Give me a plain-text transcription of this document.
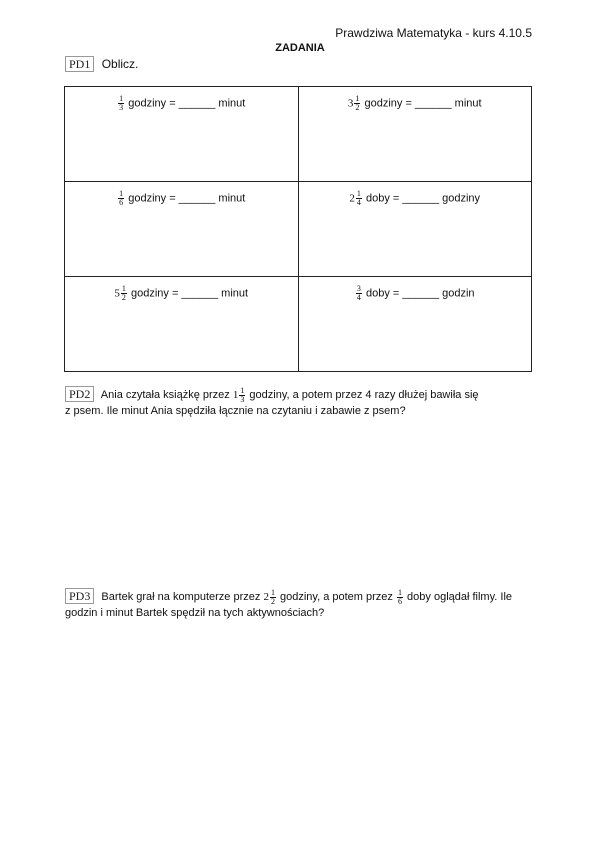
Prawdziwa Matematyka - kurs 4.10.5
ZADANIA
PD1 Oblicz.
$\frac{1}{3}$ godziny = ______ minut	$3 \frac{1}{2}$ godziny = ______ minut

$\frac{1}{6}$ godziny = ______ minut	$2 \frac{1}{4}$ doby = ______ godziny
$5 \frac{1}{2}$ godziny = ______ minut	$\frac{3}{4}$ doby = ______ godzin
PD2 Ania czytała książkę przez $1 \frac{1}{3}$ godziny, a potem przez 4 razy dłużej bawiła się
z psem. Ile minut Ania spędziła łącznie na czytaniu i zabawie z psem?
PD3 Bartek grał na komputerze przez $2 \frac{1}{2}$ godziny, a potem przez $\frac{1}{6}$ doby oglądał filmy. Ile
godzin i minut Bartek spędził na tych aktywnościach?
